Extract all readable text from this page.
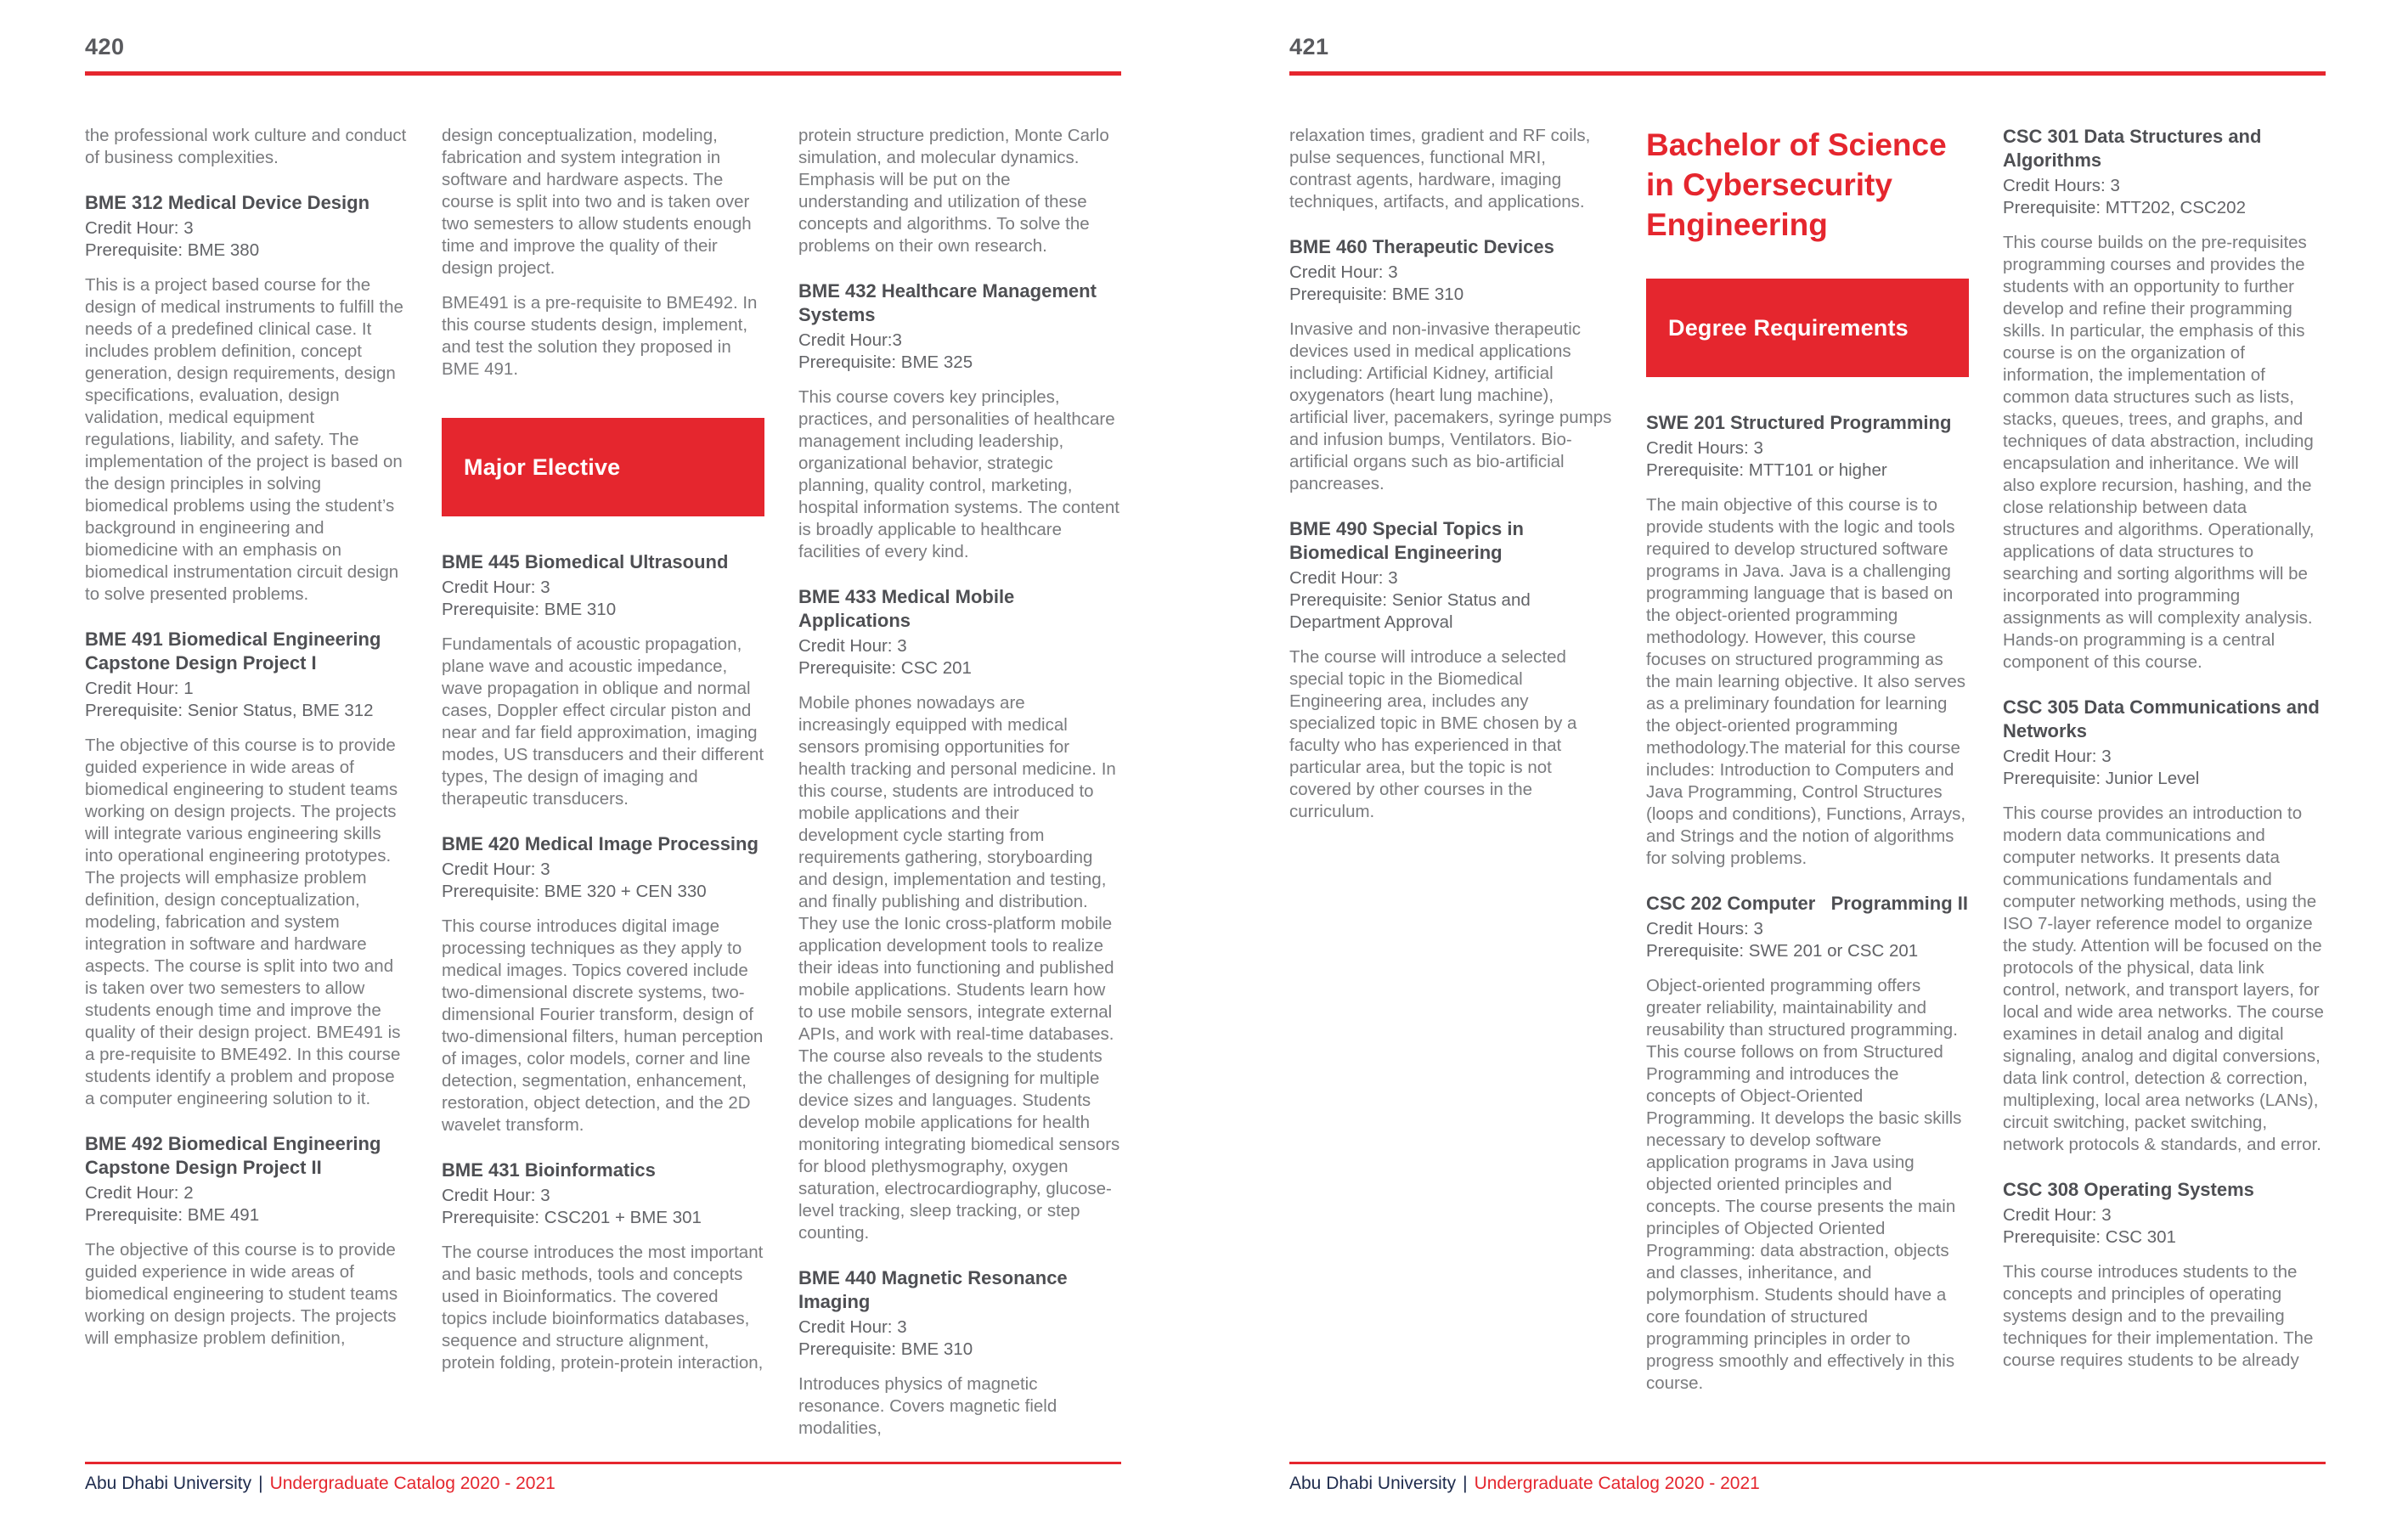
420

the professional work culture and conduct of business complexities.

BME 312 Medical Device Design
Credit Hour: 3
Prerequisite: BME 380

This is a project based course for the design of medical instruments to fulfill the needs of a predefined clinical case. It includes problem definition, concept generation, design requirements, design specifications, evaluation, design validation, medical equipment regulations, liability, and safety. The implementation of the project is based on the design principles in solving biomedical problems using the student’s background in engineering and biomedicine with an emphasis on biomedical instrumentation circuit design to solve presented problems.

BME 491 Biomedical Engineering Capstone Design Project I
Credit Hour: 1
Prerequisite: Senior Status, BME 312

The objective of this course is to provide guided experience in wide areas of biomedical engineering to student teams working on design projects. The projects will integrate various engineering skills into operational engineering prototypes. The projects will emphasize problem definition, design conceptualization, modeling, fabrication and system integration in software and hardware aspects. The course is split into two and is taken over two semesters to allow students enough time and improve the quality of their design project. BME491 is a pre-requisite to BME492. In this course students identify a problem and propose a computer engineering solution to it.

BME 492 Biomedical Engineering Capstone Design Project II
Credit Hour: 2
Prerequisite: BME 491

The objective of this course is to provide guided experience in wide areas of biomedical engineering to student teams working on design projects. The projects will emphasize problem definition,

design conceptualization, modeling, fabrication and system integration in software and hardware aspects. The course is split into two and is taken over two semesters to allow students enough time and improve the quality of their design project.

BME491 is a pre-requisite to BME492. In this course students design, implement, and test the solution they proposed in BME 491.

Major Elective
BME 445 Biomedical Ultrasound
Credit Hour: 3
Prerequisite: BME 310

Fundamentals of acoustic propagation, plane wave and acoustic impedance, wave propagation in oblique and normal cases, Doppler effect circular piston and near and far field approximation, imaging modes, US transducers and their different types, The design of imaging and therapeutic transducers.

BME 420 Medical Image Processing
Credit Hour: 3
Prerequisite: BME 320 + CEN 330

This course introduces digital image processing techniques as they apply to medical images. Topics covered include two-dimensional discrete systems, two-dimensional Fourier transform, design of two-dimensional filters, human perception of images, color models, corner and line detection, segmentation, enhancement, restoration, object detection, and the 2D wavelet transform.

BME 431 Bioinformatics
Credit Hour: 3
Prerequisite: CSC201 + BME 301

The course introduces the most important and basic methods, tools and concepts used in Bioinformatics. The covered topics include bioinformatics databases, sequence and structure alignment, protein folding, protein-protein interaction,

protein structure prediction, Monte Carlo simulation, and molecular dynamics. Emphasis will be put on the understanding and utilization of these concepts and algorithms. To solve the problems on their own research.

BME 432 Healthcare Management Systems
Credit Hour:3
Prerequisite: BME 325

This course covers key principles, practices, and personalities of healthcare management including leadership, organizational behavior, strategic planning, quality control, marketing, hospital information systems. The content is broadly applicable to healthcare facilities of every kind.

BME 433 Medical Mobile Applications
Credit Hour: 3
Prerequisite: CSC 201

Mobile phones nowadays are increasingly equipped with medical sensors promising opportunities for health tracking and personal medicine. In this course, students are introduced to mobile applications and their development cycle starting from requirements gathering, storyboarding and design, implementation and testing, and finally publishing and distribution. They use the Ionic cross-platform mobile application development tools to realize their ideas into functioning and published mobile applications. Students learn how to use mobile sensors, integrate external APIs, and work with real-time databases. The course also reveals to the students the challenges of designing for multiple device sizes and languages. Students develop mobile applications for health monitoring integrating biomedical sensors for blood plethysmography, oxygen saturation, electrocardiography, glucose-level tracking, sleep tracking, or step counting.

BME 440 Magnetic Resonance Imaging
Credit Hour: 3
Prerequisite: BME 310

Introduces physics of magnetic resonance. Covers magnetic field modalities,

Abu Dhabi University | Undergraduate Catalog 2020 - 2021
421

relaxation times, gradient and RF coils, pulse sequences, functional MRI, contrast agents, hardware, imaging techniques, artifacts, and applications.

BME 460 Therapeutic Devices
Credit Hour: 3
Prerequisite: BME 310

Invasive and non-invasive therapeutic devices used in medical applications including: Artificial Kidney, artificial oxygenators (heart lung machine), artificial liver, pacemakers, syringe pumps and infusion bumps, Ventilators. Bio-artificial organs such as bio-artificial pancreases.

BME 490 Special Topics in Biomedical Engineering
Credit Hour: 3
Prerequisite: Senior Status and Department Approval

The course will introduce a selected special topic in the Biomedical Engineering area, includes any specialized topic in BME chosen by a faculty who has experienced in that particular area, but the topic is not covered by other courses in the curriculum.

Bachelor of Science in Cybersecurity Engineering
Degree Requirements
SWE 201 Structured Programming
Credit Hours: 3
Prerequisite: MTT101 or higher

The main objective of this course is to provide students with the logic and tools required to develop structured software programs in Java. Java is a challenging programming language that is based on the object-oriented programming methodology. However, this course focuses on structured programming as the main learning objective. It also serves as a preliminary foundation for learning the object-oriented programming methodology.The material for this course includes: Introduction to Computers and Java Programming, Control Structures (loops and conditions), Functions, Arrays, and Strings and the notion of algorithms for solving problems.

CSC 202 Computer   Programming II
Credit Hours: 3
Prerequisite: SWE 201 or CSC 201

Object-oriented programming offers greater reliability, maintainability and reusability than structured programming. This course follows on from Structured Programming and introduces the concepts of Object-Oriented Programming. It develops the basic skills necessary to develop software application programs in Java using objected oriented principles and concepts. The course presents the main principles of Objected Oriented Programming: data abstraction, objects and classes, inheritance, and polymorphism. Students should have a core foundation of structured programming principles in order to progress smoothly and effectively in this course.

CSC 301 Data Structures and Algorithms
Credit Hours: 3
Prerequisite: MTT202, CSC202

This course builds on the pre-requisites programming courses and provides the students with an opportunity to further develop and refine their programming skills. In particular, the emphasis of this course is on the organization of information, the implementation of common data structures such as lists, stacks, queues, trees, and graphs, and techniques of data abstraction, including encapsulation and inheritance. We will also explore recursion, hashing, and the close relationship between data structures and algorithms. Operationally, applications of data structures to searching and sorting algorithms will be incorporated into programming assignments as will complexity analysis. Hands-on programming is a central component of this course.

CSC 305 Data Communications and Networks
Credit Hour: 3
Prerequisite: Junior Level

This course provides an introduction to modern data communications and computer networks. It presents data communications fundamentals and computer networking methods, using the ISO 7-layer reference model to organize the study. Attention will be focused on the protocols of the physical, data link control, network, and transport layers, for local and wide area networks. The course examines in detail analog and digital signaling, analog and digital conversions, data link control, detection & correction, multiplexing, local area networks (LANs), circuit switching, packet switching, network protocols & standards, and error.

CSC 308 Operating Systems
Credit Hour: 3
Prerequisite: CSC 301

This course introduces students to the concepts and principles of operating systems design and to the prevailing techniques for their implementation. The course requires students to be already

Abu Dhabi University | Undergraduate Catalog 2020 - 2021
